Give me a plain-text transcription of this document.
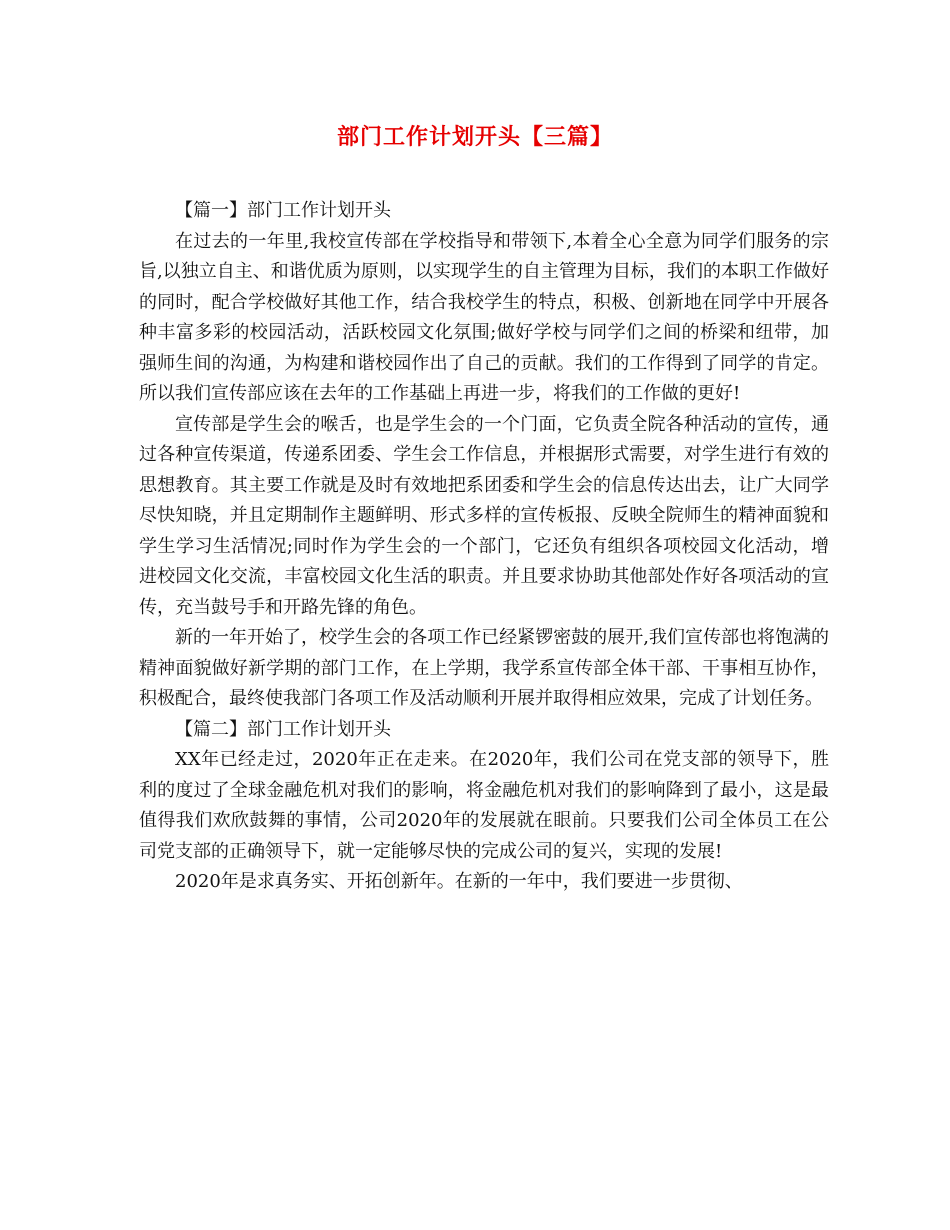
部门工作计划开头【三篇】

【篇一】部门工作计划开头

在过去的一年里,我校宣传部在学校指导和带领下,本着全心全意为同学们服务的宗旨,以独立自主、和谐优质为原则，以实现学生的自主管理为目标，我们的本职工作做好的同时，配合学校做好其他工作，结合我校学生的特点，积极、创新地在同学中开展各种丰富多彩的校园活动，活跃校园文化氛围;做好学校与同学们之间的桥梁和纽带，加强师生间的沟通，为构建和谐校园作出了自己的贡献。我们的工作得到了同学的肯定。所以我们宣传部应该在去年的工作基础上再进一步，将我们的工作做的更好!

宣传部是学生会的喉舌，也是学生会的一个门面，它负责全院各种活动的宣传，通过各种宣传渠道，传递系团委、学生会工作信息，并根据形式需要，对学生进行有效的思想教育。其主要工作就是及时有效地把系团委和学生会的信息传达出去，让广大同学尽快知晓，并且定期制作主题鲜明、形式多样的宣传板报、反映全院师生的精神面貌和学生学习生活情况;同时作为学生会的一个部门，它还负有组织各项校园文化活动，增进校园文化交流，丰富校园文化生活的职责。并且要求协助其他部处作好各项活动的宣传，充当鼓号手和开路先锋的角色。

新的一年开始了，校学生会的各项工作已经紧锣密鼓的展开,我们宣传部也将饱满的精神面貌做好新学期的部门工作，在上学期，我学系宣传部全体干部、干事相互协作，积极配合，最终使我部门各项工作及活动顺利开展并取得相应效果，完成了计划任务。

【篇二】部门工作计划开头

XX年已经走过，2020年正在走来。在2020年，我们公司在党支部的领导下，胜利的度过了全球金融危机对我们的影响，将金融危机对我们的影响降到了最小，这是最值得我们欢欣鼓舞的事情，公司2020年的发展就在眼前。只要我们公司全体员工在公司党支部的正确领导下，就一定能够尽快的完成公司的复兴，实现的发展!

2020年是求真务实、开拓创新年。在新的一年中，我们要进一步贯彻、
